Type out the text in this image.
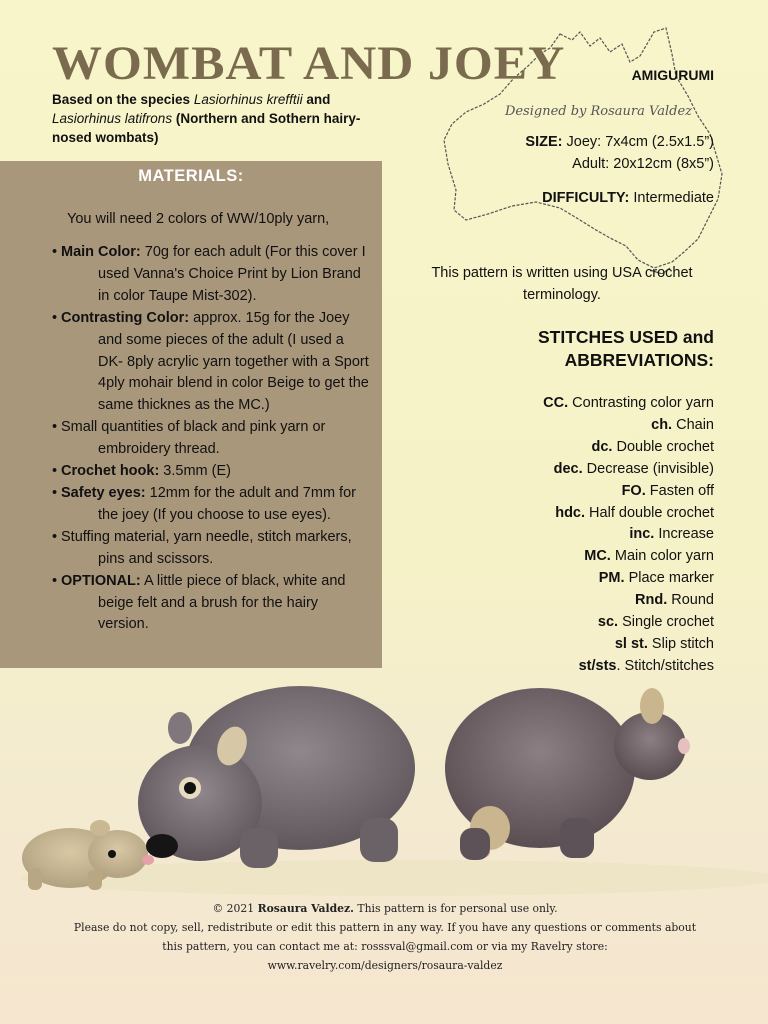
WOMBAT AND JOEY
Based on the species Lasiorhinus krefftii and Lasiorhinus latifrons (Northern and Sothern hairy-nosed wombats)
AMIGURUMI
Designed by Rosaura Valdez
SIZE: Joey: 7x4cm (2.5x1.5”)
Adult: 20x12cm (8x5”)
DIFFICULTY: Intermediate
This pattern is written using USA crochet terminology.
STITCHES USED and
ABBREVIATIONS:
CC. Contrasting color yarn
ch. Chain
dc. Double crochet
dec. Decrease (invisible)
FO. Fasten off
hdc. Half double crochet
inc. Increase
MC. Main color yarn
PM. Place marker
Rnd. Round
sc. Single crochet
sl st. Slip stitch
st/sts. Stitch/stitches
MATERIALS:
You will need 2 colors of WW/10ply yarn,
• Main Color: 70g for each adult (For this cover I used Vanna's Choice Print by Lion Brand in color Taupe Mist-302).
• Contrasting Color: approx. 15g for the Joey and some pieces of the adult (I used a DK- 8ply acrylic yarn together with a Sport 4ply mohair blend in color Beige to get the same thicknes as the MC.)
• Small quantities of black and pink yarn or embroidery thread.
• Crochet hook: 3.5mm (E)
• Safety eyes: 12mm for the adult and 7mm for the joey (If you choose to use eyes).
• Stuffing material, yarn needle, stitch markers, pins and scissors.
• OPTIONAL: A little piece of black, white and beige felt and a brush for the hairy version.
© 2021 Rosaura Valdez. This pattern is for personal use only.
Please do not copy, sell, redistribute or edit this pattern in any way. If you have any questions or comments about
this pattern, you can contact me at: rosssval@gmail.com or via my Ravelry store:
www.ravelry.com/designers/rosaura-valdez
